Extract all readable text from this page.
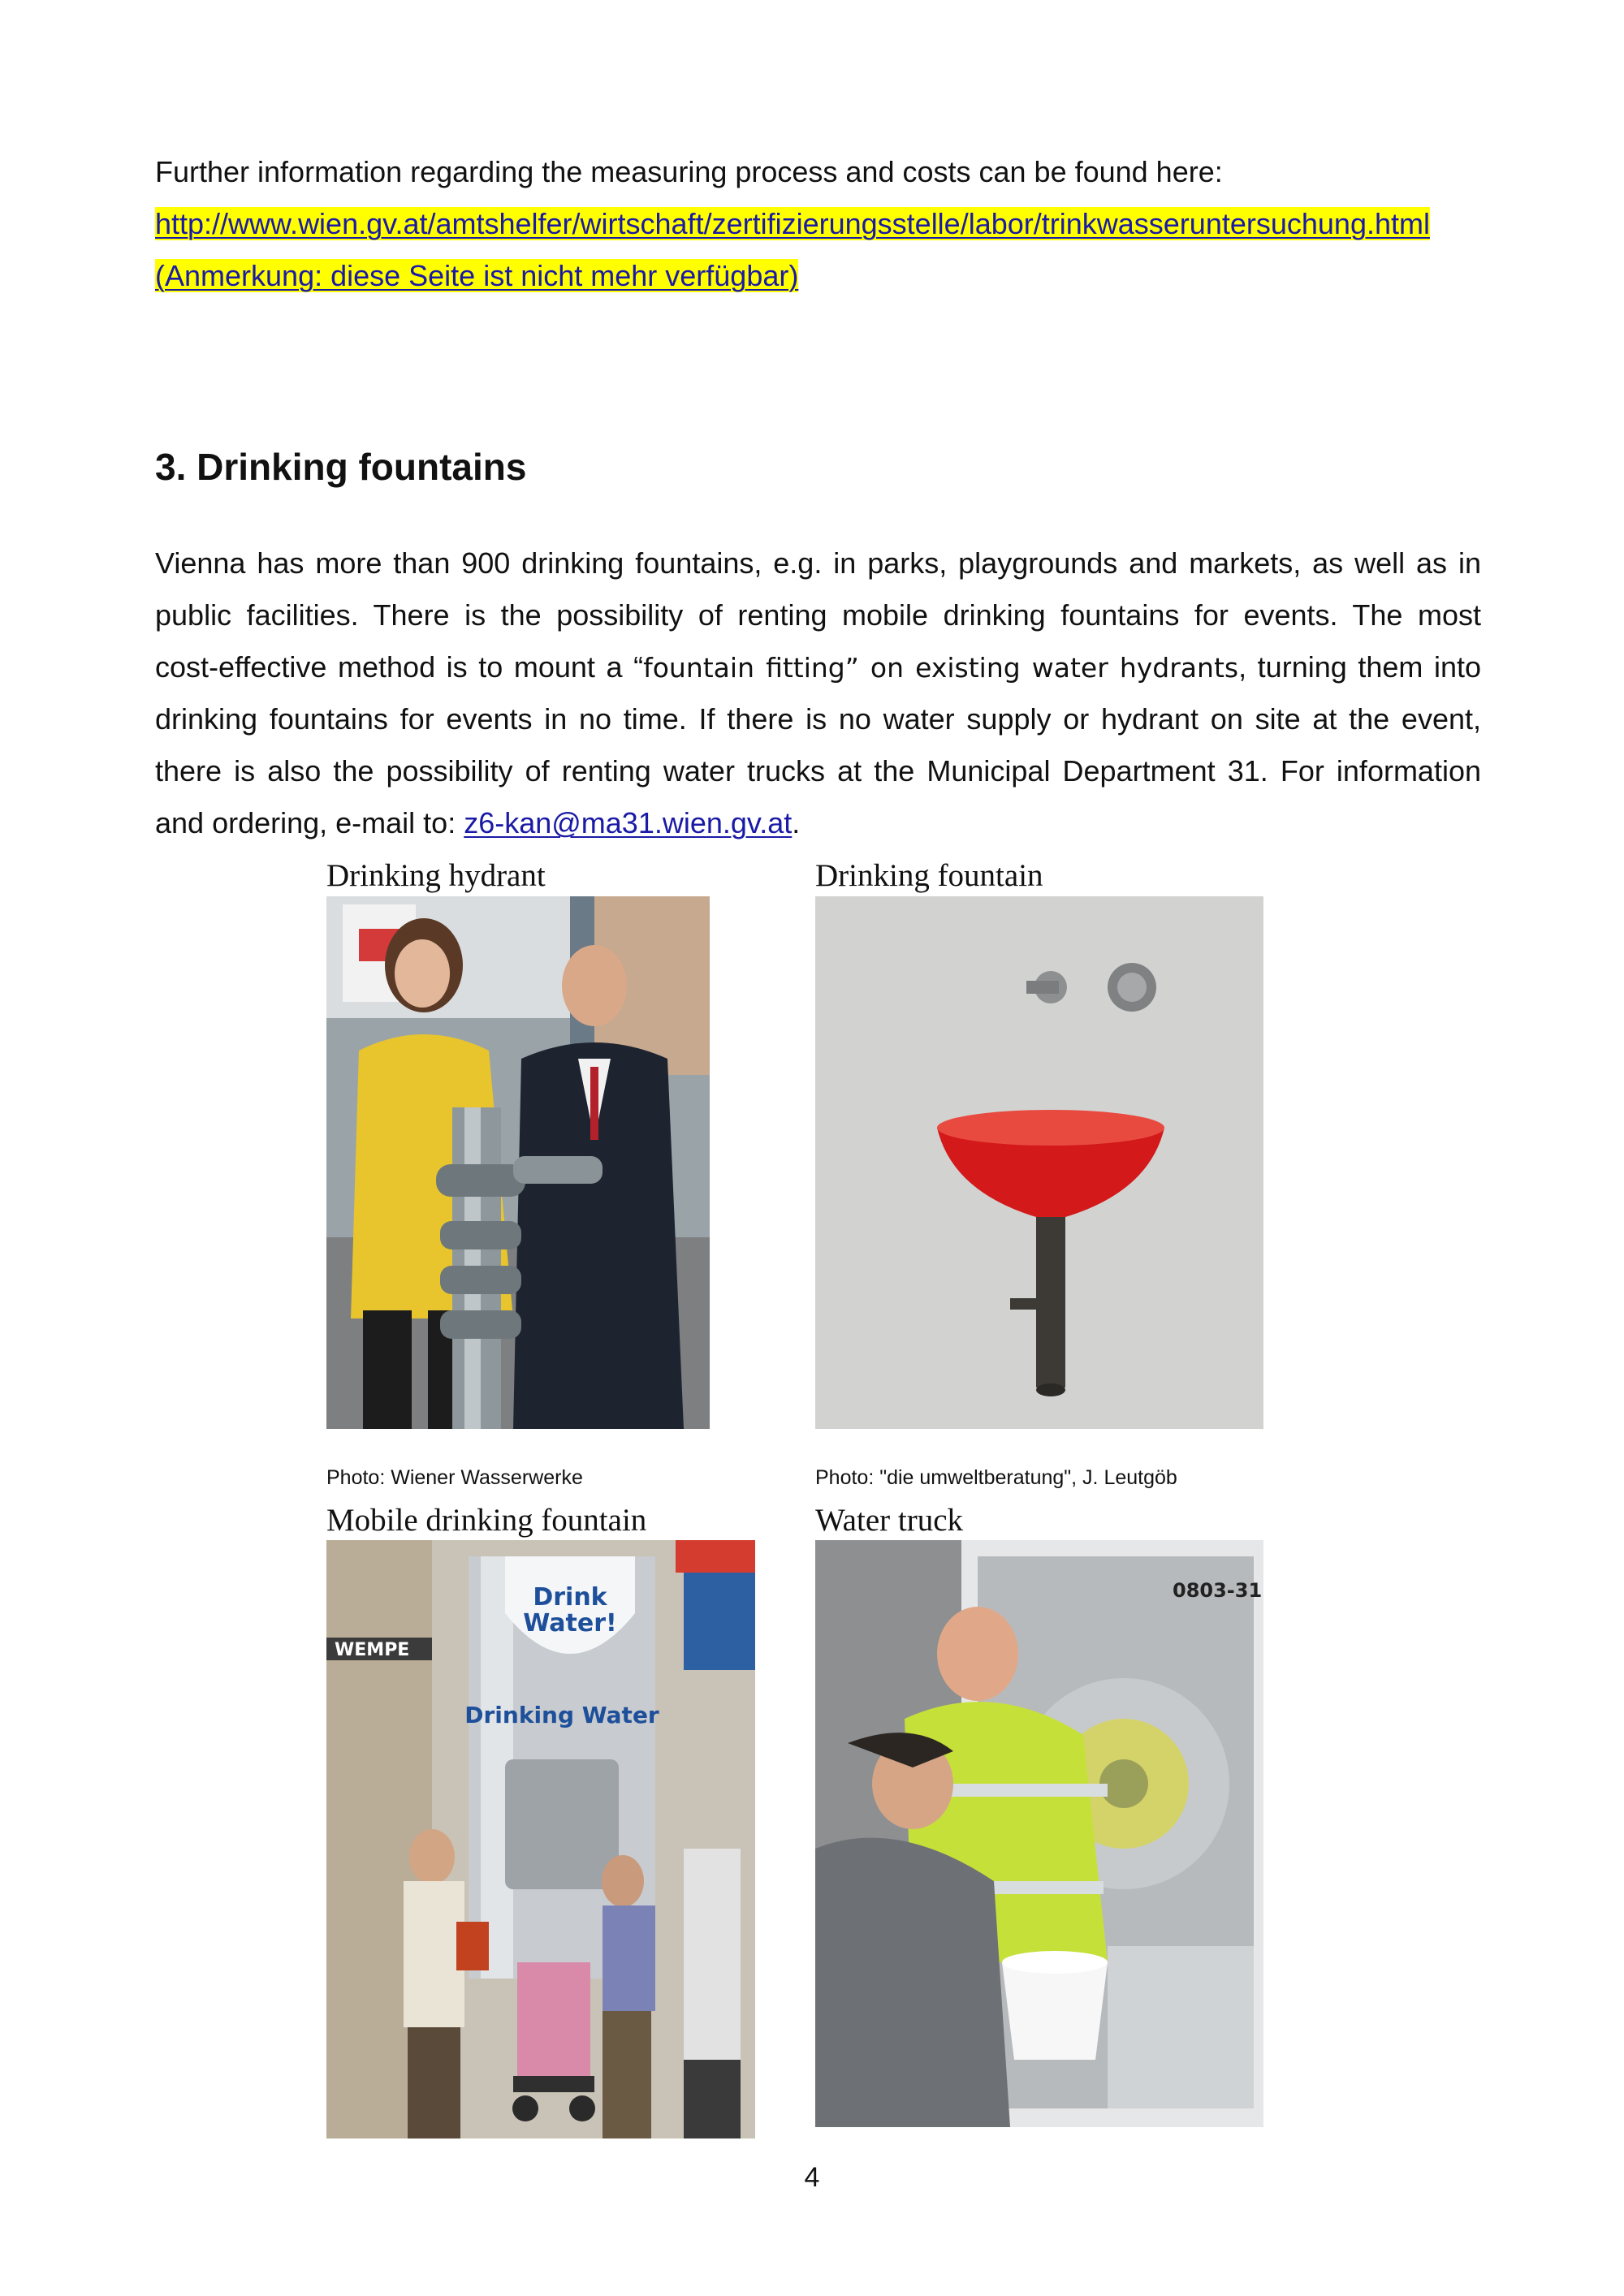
Further information regarding the measuring process and costs can be found here:
http://www.wien.gv.at/amtshelfer/wirtschaft/zertifizierungsstelle/labor/trinkwasseruntersuchung.html
(Anmerkung: diese Seite ist nicht mehr verfügbar)
3. Drinking fountains
Vienna has more than 900 drinking fountains, e.g. in parks, playgrounds and markets, as well as in
public facilities. There is the possibility of renting mobile drinking fountains for events. The most
cost-effective method is to mount a “fountain fitting” on existing water hydrants, turning them into
drinking fountains for events in no time. If there is no water supply or hydrant on site at the event,
there is also the possibility of renting water trucks at the Municipal Department 31. For information
and ordering, e-mail to: z6-kan@ma31.wien.gv.at.
Drinking hydrant
Photo: Wiener Wasserwerke
Drinking fountain
Photo: "die umweltberatung", J. Leutgöb
Mobile drinking fountain
WEMPE
Drink
Water!
Drinking Water
Water truck
0803-31
4
